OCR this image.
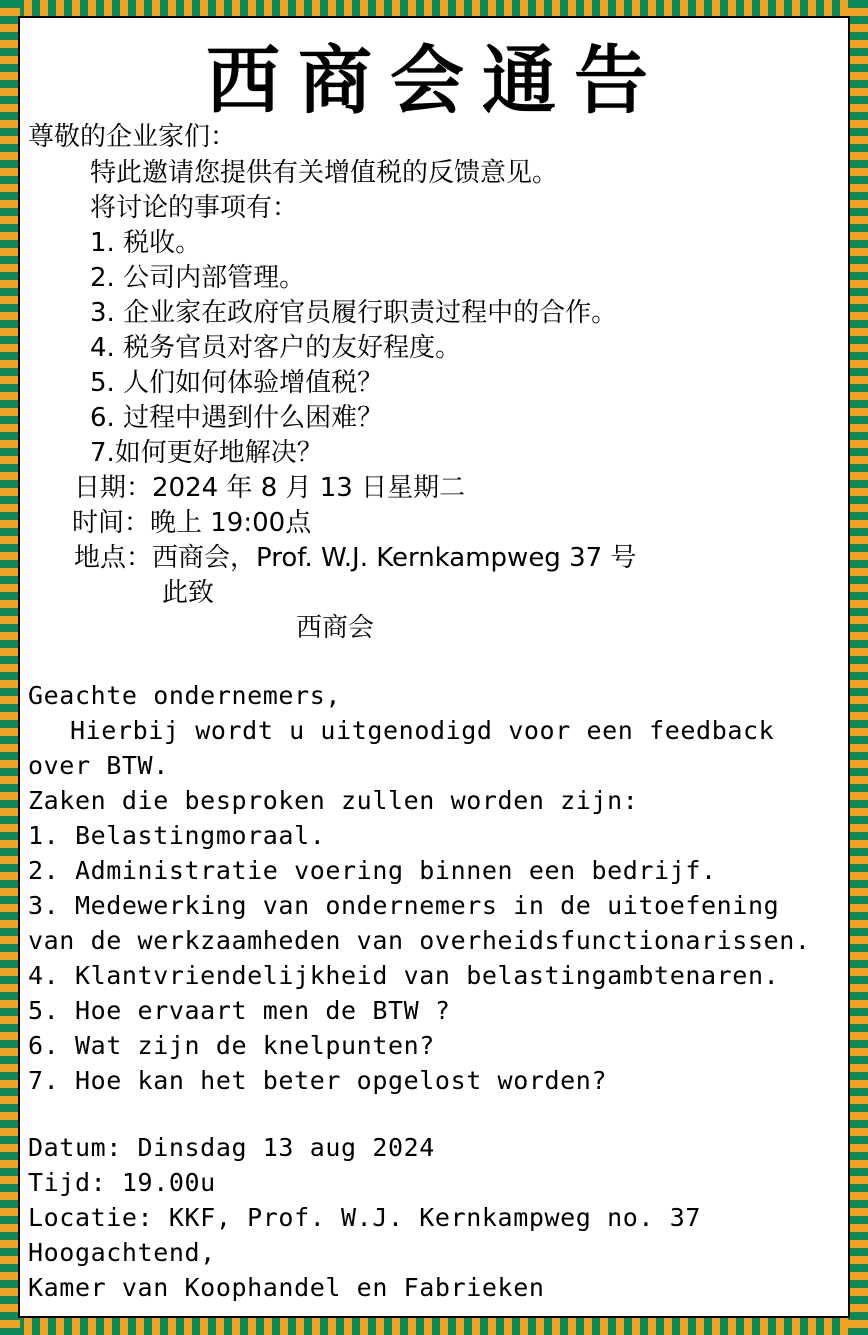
西商会通告
尊敬的企业家们：
特此邀请您提供有关增值税的反馈意见。
将讨论的事项有：
1. 税收。
2. 公司内部管理。
3. 企业家在政府官员履行职责过程中的合作。
4. 税务官员对客户的友好程度。
5. 人们如何体验增值税？
6. 过程中遇到什么困难？
7.如何更好地解决？
日期：2024 年 8 月 13 日星期二
时间：晚上 19:00点
地点：西商会，Prof. W.J. Kernkampweg 37 号
此致
西商会
Geachte ondernemers,
Hierbij wordt u uitgenodigd voor een feedback
over BTW.
Zaken die besproken zullen worden zijn:
1. Belastingmoraal.
2. Administratie voering binnen een bedrijf.
3. Medewerking van ondernemers in de uitoefening
van de werkzaamheden van overheidsfunctionarissen.
4. Klantvriendelijkheid van belastingambtenaren.
5. Hoe ervaart men de BTW ?
6. Wat zijn de knelpunten?
7. Hoe kan het beter opgelost worden?
Datum: Dinsdag 13 aug 2024
Tijd: 19.00u
Locatie: KKF, Prof. W.J. Kernkampweg no. 37
Hoogachtend,
Kamer van Koophandel en Fabrieken
